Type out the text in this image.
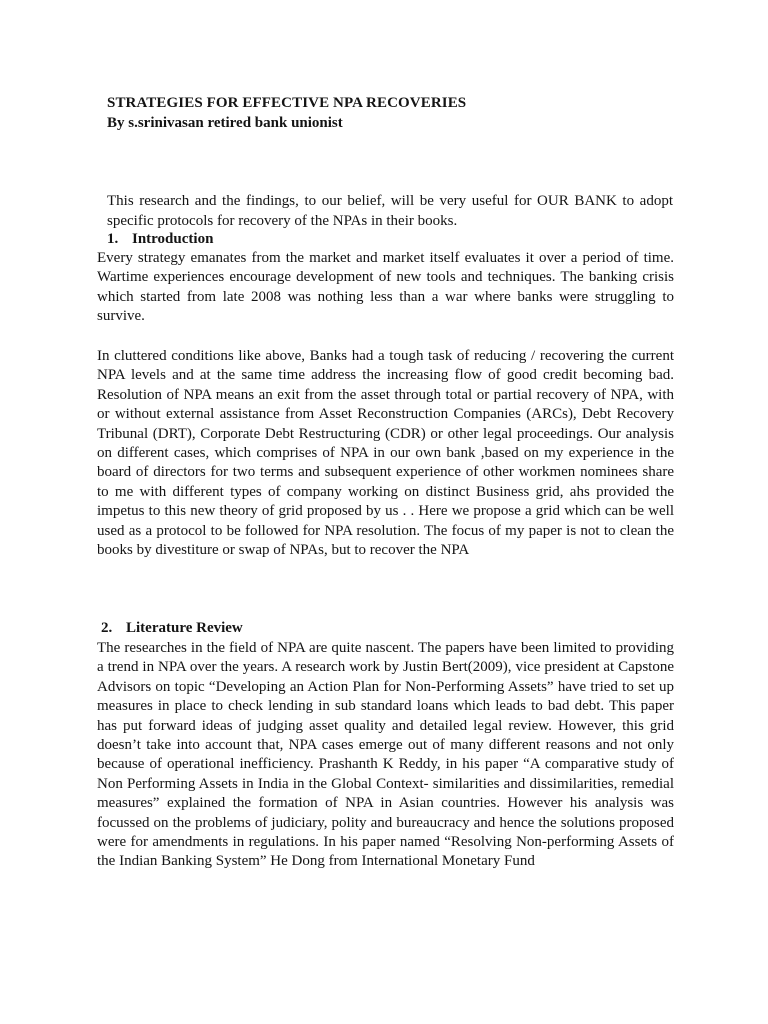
STRATEGIES FOR EFFECTIVE NPA RECOVERIES
By s.srinivasan retired bank unionist
This research and the findings, to our belief, will be very useful for OUR BANK to adopt specific protocols for recovery of the NPAs in their books.
1. Introduction
Every strategy emanates from the market and market itself evaluates it over a period of time. Wartime experiences encourage development of new tools and techniques. The banking crisis which started from late 2008 was nothing less than a war where banks were struggling to survive.
In cluttered conditions like above, Banks had a tough task of reducing / recovering the current NPA levels and at the same time address the increasing flow of good credit becoming bad. Resolution of NPA means an exit from the asset through total or partial recovery of NPA, with or without external assistance from Asset Reconstruction Companies (ARCs), Debt Recovery Tribunal (DRT), Corporate Debt Restructuring (CDR) or other legal proceedings. Our analysis on different cases, which comprises of NPA in our own bank ,based on my experience in the board of directors for two terms and subsequent experience of other workmen nominees share to me with different types of company working on distinct Business grid, ahs provided the impetus to this new theory of grid proposed by us . . Here we propose a grid which can be well used as a protocol to be followed for NPA resolution. The focus of my paper is not to clean the books by divestiture or swap of NPAs, but to recover the NPA
2. Literature Review
The researches in the field of NPA are quite nascent. The papers have been limited to providing a trend in NPA over the years. A research work by Justin Bert(2009), vice president at Capstone Advisors on topic “Developing an Action Plan for Non-Performing Assets” have tried to set up measures in place to check lending in sub standard loans which leads to bad debt. This paper has put forward ideas of judging asset quality and detailed legal review. However, this grid doesn’t take into account that, NPA cases emerge out of many different reasons and not only because of operational inefficiency. Prashanth K Reddy, in his paper “A comparative study of Non Performing Assets in India in the Global Context- similarities and dissimilarities, remedial measures” explained the formation of NPA in Asian countries. However his analysis was focussed on the problems of judiciary, polity and bureaucracy and hence the solutions proposed were for amendments in regulations. In his paper named “Resolving Non-performing Assets of the Indian Banking System” He Dong from International Monetary Fund
